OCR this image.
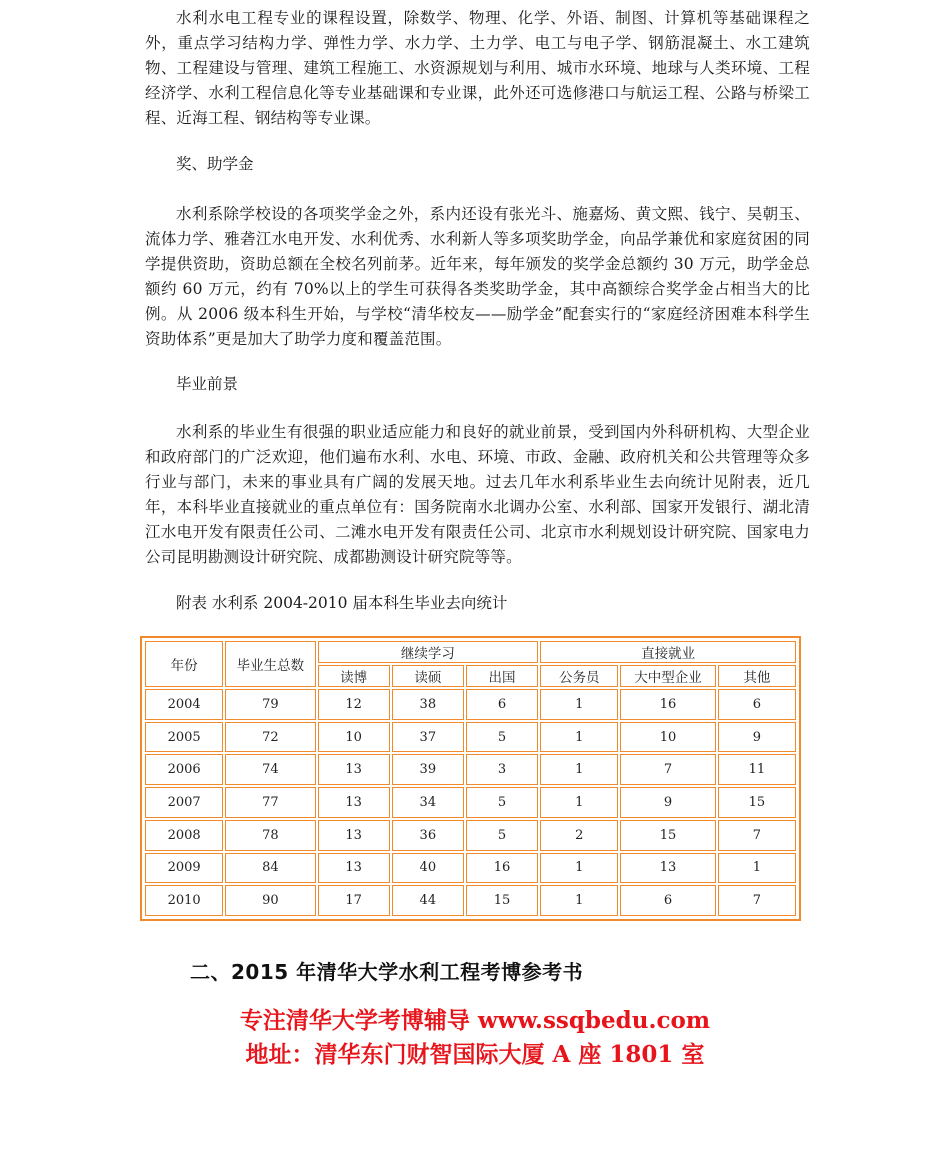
水利水电工程专业的课程设置，除数学、物理、化学、外语、制图、计算机等基础课程之外，重点学习结构力学、弹性力学、水力学、土力学、电工与电子学、钢筋混凝土、水工建筑物、工程建设与管理、建筑工程施工、水资源规划与利用、城市水环境、地球与人类环境、工程经济学、水利工程信息化等专业基础课和专业课，此外还可选修港口与航运工程、公路与桥梁工程、近海工程、钢结构等专业课。

奖、助学金

水利系除学校设的各项奖学金之外，系内还设有张光斗、施嘉炀、黄文熙、钱宁、吴朝玉、流体力学、雅砻江水电开发、水利优秀、水利新人等多项奖助学金，向品学兼优和家庭贫困的同学提供资助，资助总额在全校名列前茅。近年来，每年颁发的奖学金总额约 30 万元，助学金总额约 60 万元，约有 70%以上的学生可获得各类奖助学金，其中高额综合奖学金占相当大的比例。从 2006 级本科生开始，与学校“清华校友——励学金”配套实行的“家庭经济困难本科学生资助体系”更是加大了助学力度和覆盖范围。

毕业前景

水利系的毕业生有很强的职业适应能力和良好的就业前景，受到国内外科研机构、大型企业和政府部门的广泛欢迎，他们遍布水利、水电、环境、市政、金融、政府机关和公共管理等众多行业与部门，未来的事业具有广阔的发展天地。过去几年水利系毕业生去向统计见附表，近几年，本科毕业直接就业的重点单位有：国务院南水北调办公室、水利部、国家开发银行、湖北清江水电开发有限责任公司、二滩水电开发有限责任公司、北京市水利规划设计研究院、国家电力公司昆明勘测设计研究院、成都勘测设计研究院等等。

附表 水利系 2004-2010 届本科生毕业去向统计

年份	毕业生总数	继续学习			直接就业		
		读博	读硕	出国	公务员	大中型企业	其他
2004	79	12	38	6	1	16	6
2005	72	10	37	5	1	10	9
2006	74	13	39	3	1	7	11
2007	77	13	34	5	1	9	15
2008	78	13	36	5	2	15	7
2009	84	13	40	16	1	13	1
2010	90	17	44	15	1	6	7
二、2015 年清华大学水利工程考博参考书
专注清华大学考博辅导 www.ssqbedu.com
地址：清华东门财智国际大厦 A 座 1801 室
